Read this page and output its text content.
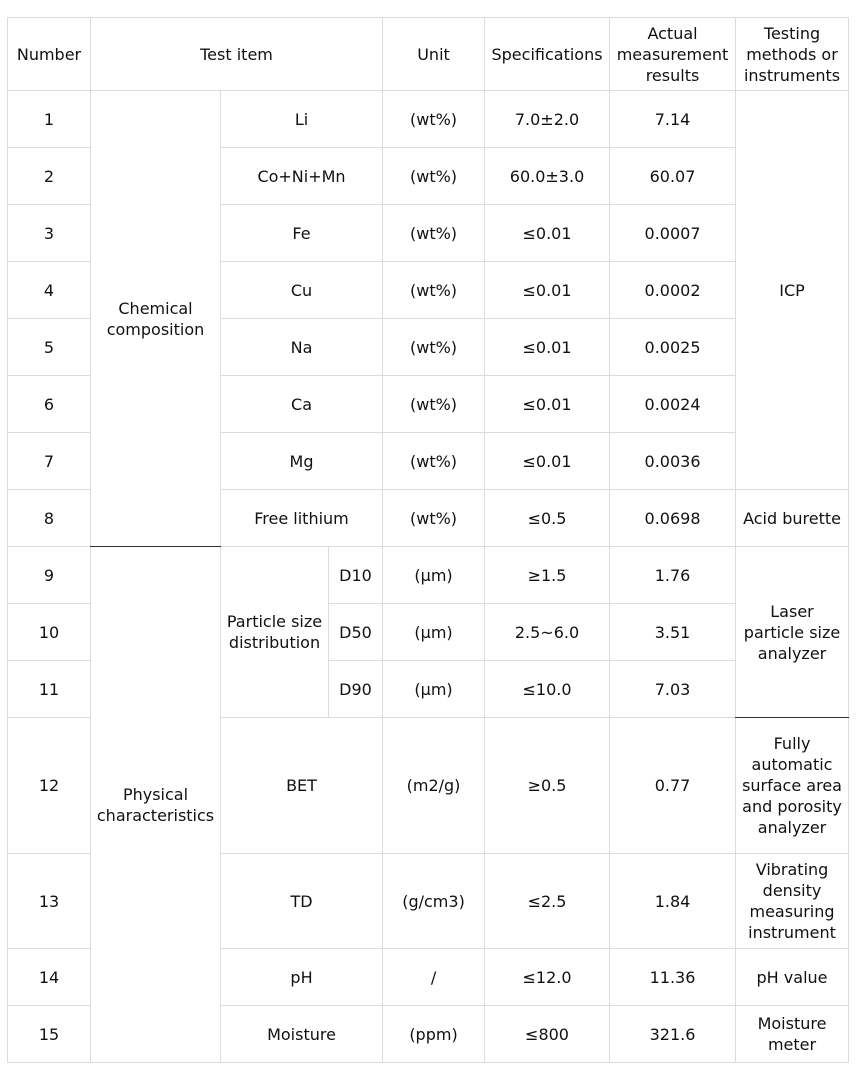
Number	Test item			Unit	Specifications	Actual measurement results	Testing methods or instruments
1	Chemical composition	Li		(wt%)	7.0±2.0	7.14	ICP
2		Co+Ni+Mn		(wt%)	60.0±3.0	60.07	
3		Fe		(wt%)	≤0.01	0.0007	
4		Cu		(wt%)	≤0.01	0.0002	
5		Na		(wt%)	≤0.01	0.0025	
6		Ca		(wt%)	≤0.01	0.0024	
7		Mg		(wt%)	≤0.01	0.0036	
8		Free lithium		(wt%)	≤0.5	0.0698	Acid burette
9	Physical characteristics	Particle size distribution	D10	(μm)	≥1.5	1.76	Laser particle size analyzer
10			D50	(μm)	2.5~6.0	3.51	
11			D90	(μm)	≤10.0	7.03	
12		BET		(m2/g)	≥0.5	0.77	Fully automatic surface area and porosity analyzer
13		TD		(g/cm3)	≤2.5	1.84	Vibrating density measuring instrument
14		pH		/	≤12.0	11.36	pH value
15		Moisture		(ppm)	≤800	321.6	Moisture meter
